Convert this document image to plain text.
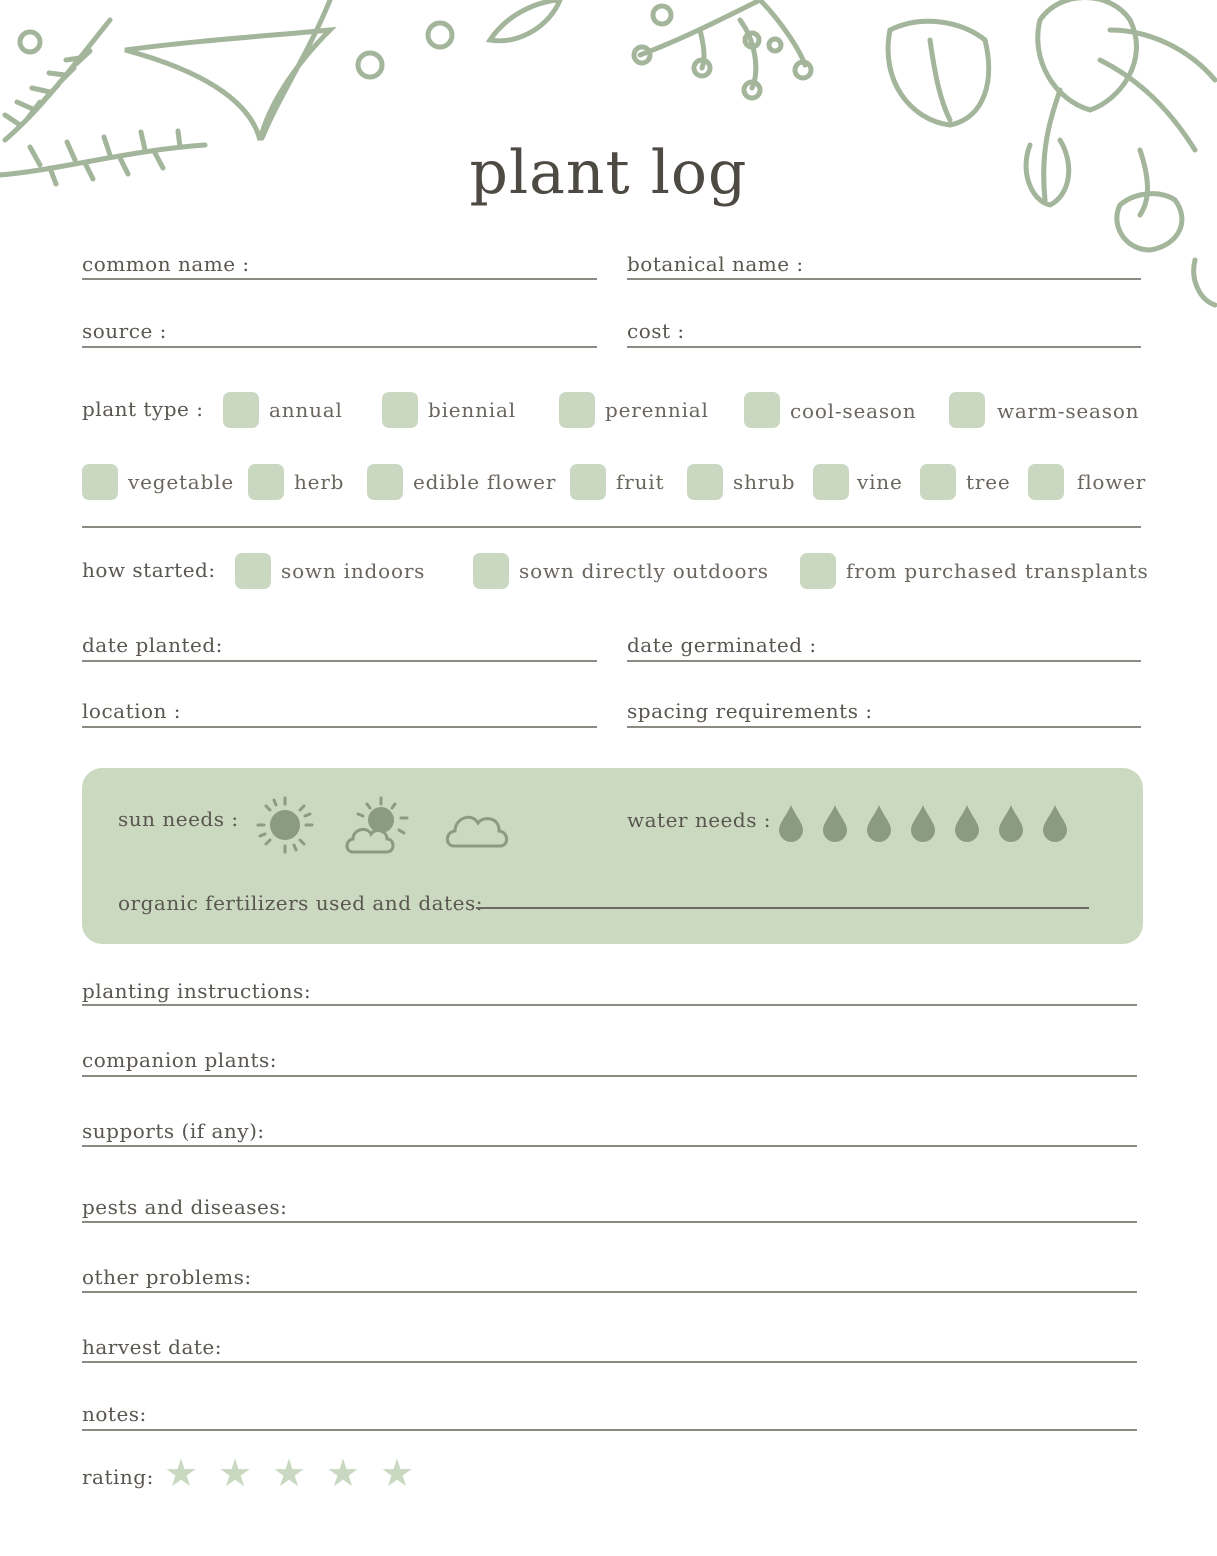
plant log
common name :	botanical name :
source :	cost :
plant type :	annual	biennial	perennial	cool-season	warm-season
vegetable	herb	edible flower	fruit	shrub	vine	tree	flower
how started:	sown indoors	sown directly outdoors	from purchased transplants
date planted:	date germinated :
location :	spacing requirements :
sun needs :	water needs :
organic fertilizers used and dates:
planting instructions:
companion plants:
supports (if any):
pests and diseases:
other problems:
harvest date:
notes:
rating: ★ ★ ★ ★ ★
